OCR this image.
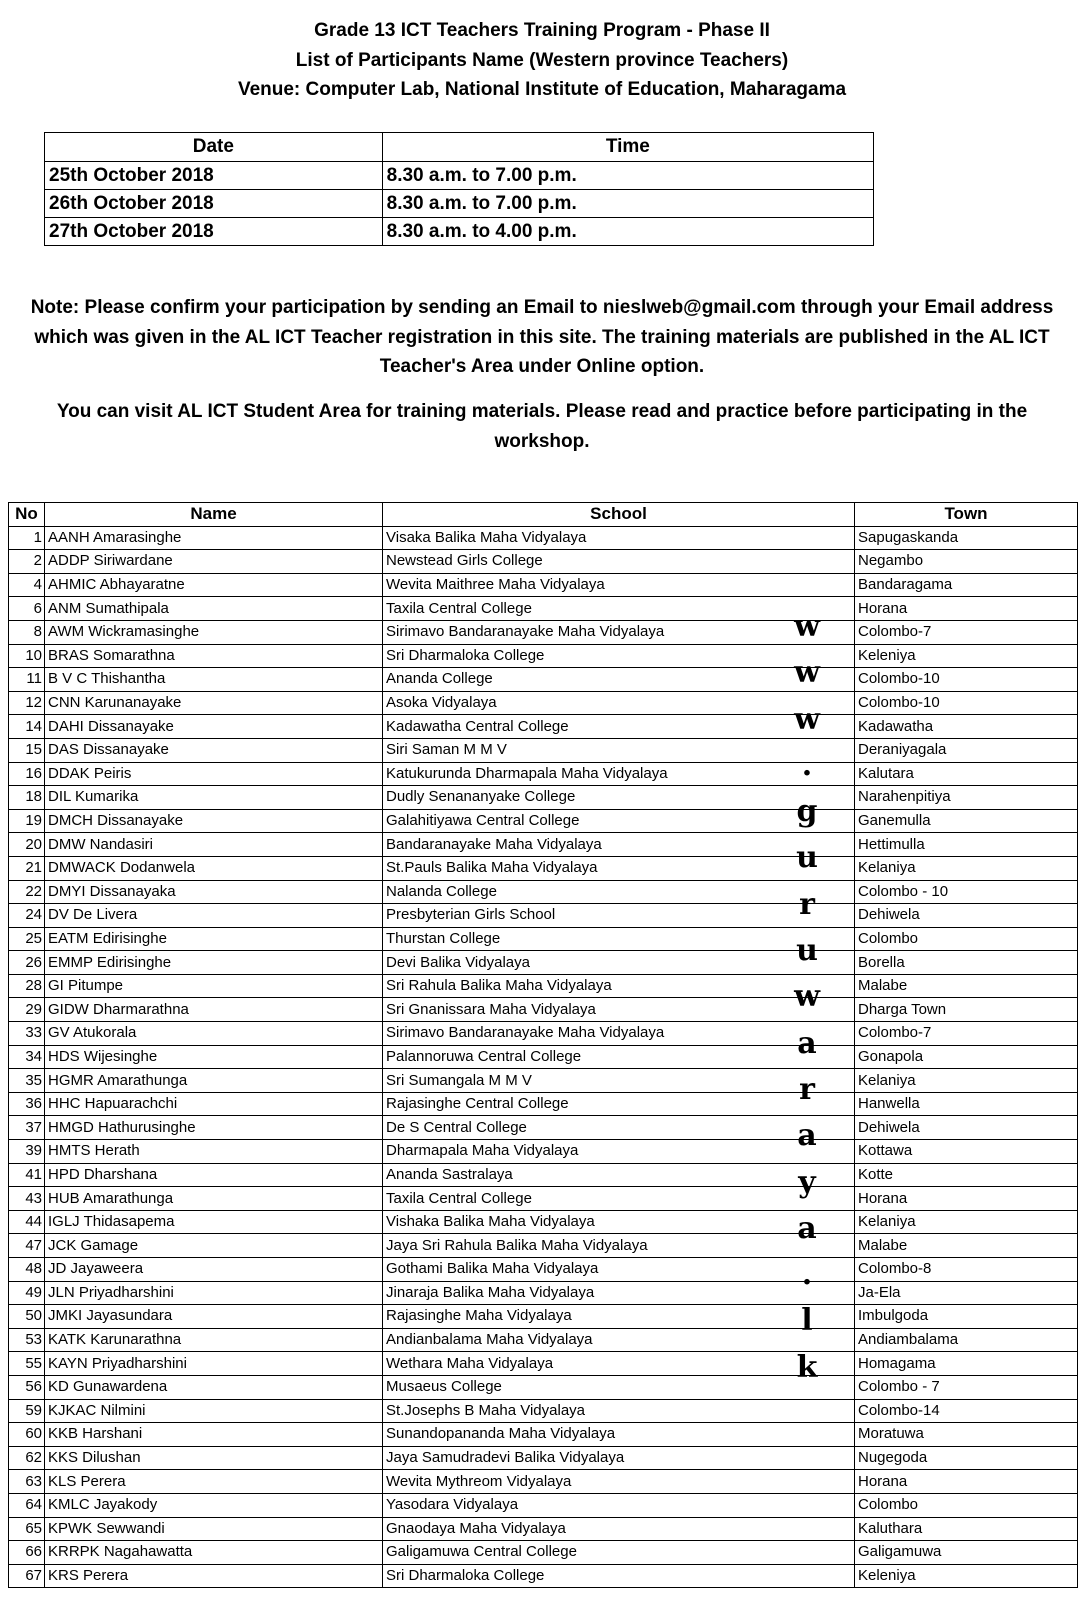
Grade 13 ICT Teachers Training Program - Phase II
List of Participants Name (Western province Teachers)
Venue: Computer Lab, National Institute of Education, Maharagama
Date	Time
25th October 2018	8.30 a.m. to 7.00 p.m.
26th October 2018	8.30 a.m. to 7.00 p.m.
27th October 2018	8.30 a.m. to 4.00 p.m.
Note: Please confirm your participation by sending an Email to nieslweb@gmail.com through your Email address which was given in the AL ICT Teacher registration in this site. The training materials are published in the AL ICT Teacher's Area under Online option.
You can visit AL ICT Student Area for training materials. Please read and practice before participating in the workshop.
No	Name	School	Town
1	AANH Amarasinghe	Visaka Balika Maha Vidyalaya	Sapugaskanda
2	ADDP Siriwardane	Newstead Girls College	Negambo
4	AHMIC Abhayaratne	Wevita Maithree Maha Vidyalaya	Bandaragama
6	ANM Sumathipala	Taxila Central College	Horana
8	AWM Wickramasinghe	Sirimavo Bandaranayake Maha Vidyalaya	Colombo-7
10	BRAS Somarathna	Sri Dharmaloka College	Keleniya
11	B V C Thishantha	Ananda College	Colombo-10
12	CNN Karunanayake	Asoka Vidyalaya	Colombo-10
14	DAHI Dissanayake	Kadawatha Central College	Kadawatha
15	DAS Dissanayake	Siri Saman M M V	Deraniyagala
16	DDAK Peiris	Katukurunda Dharmapala Maha Vidyalaya	Kalutara
18	DIL Kumarika	Dudly Senananyake College	Narahenpitiya
19	DMCH Dissanayake	Galahitiyawa Central College	Ganemulla
20	DMW Nandasiri	Bandaranayake Maha Vidyalaya	Hettimulla
21	DMWACK Dodanwela	St.Pauls Balika Maha Vidyalaya	Kelaniya
22	DMYI Dissanayaka	Nalanda College	Colombo - 10
24	DV De Livera	Presbyterian Girls School	Dehiwela
25	EATM Edirisinghe	Thurstan College	Colombo
26	EMMP Edirisinghe	Devi Balika Vidyalaya	Borella
28	GI Pitumpe	Sri Rahula Balika Maha Vidyalaya	Malabe
29	GIDW Dharmarathna	Sri Gnanissara Maha Vidyalaya	Dharga Town
33	GV Atukorala	Sirimavo Bandaranayake Maha Vidyalaya	Colombo-7
34	HDS Wijesinghe	Palannoruwa Central College	Gonapola
35	HGMR Amarathunga	Sri Sumangala M M V	Kelaniya
36	HHC Hapuarachchi	Rajasinghe Central College	Hanwella
37	HMGD Hathurusinghe	De S Central College	Dehiwela
39	HMTS Herath	Dharmapala Maha Vidyalaya	Kottawa
41	HPD Dharshana	Ananda Sastralaya	Kotte
43	HUB Amarathunga	Taxila Central College	Horana
44	IGLJ Thidasapema	Vishaka Balika Maha Vidyalaya	Kelaniya
47	JCK Gamage	Jaya Sri Rahula Balika Maha Vidyalaya	Malabe
48	JD Jayaweera	Gothami Balika Maha Vidyalaya	Colombo-8
49	JLN Priyadharshini	Jinaraja Balika Maha Vidyalaya	Ja-Ela
50	JMKI Jayasundara	Rajasinghe Maha Vidyalaya	Imbulgoda
53	KATK Karunarathna	Andianbalama Maha Vidyalaya	Andiambalama
55	KAYN Priyadharshini	Wethara Maha Vidyalaya	Homagama
56	KD Gunawardena	Musaeus College	Colombo - 7
59	KJKAC Nilmini	St.Josephs B Maha Vidyalaya	Colombo-14
60	KKB Harshani	Sunandopananda Maha Vidyalaya	Moratuwa
62	KKS Dilushan	Jaya Samudradevi Balika Vidyalaya	Nugegoda
63	KLS Perera	Wevita Mythreom Vidyalaya	Horana
64	KMLC Jayakody	Yasodara Vidyalaya	Colombo
65	KPWK Sewwandi	Gnaodaya Maha Vidyalaya	Kaluthara
66	KRRPK Nagahawatta	Galigamuwa Central College	Galigamuwa
67	KRS Perera	Sri Dharmaloka College	Keleniya
w
w
w
.
g
u
r
u
w
a
r
a
y
a
.
l
k
